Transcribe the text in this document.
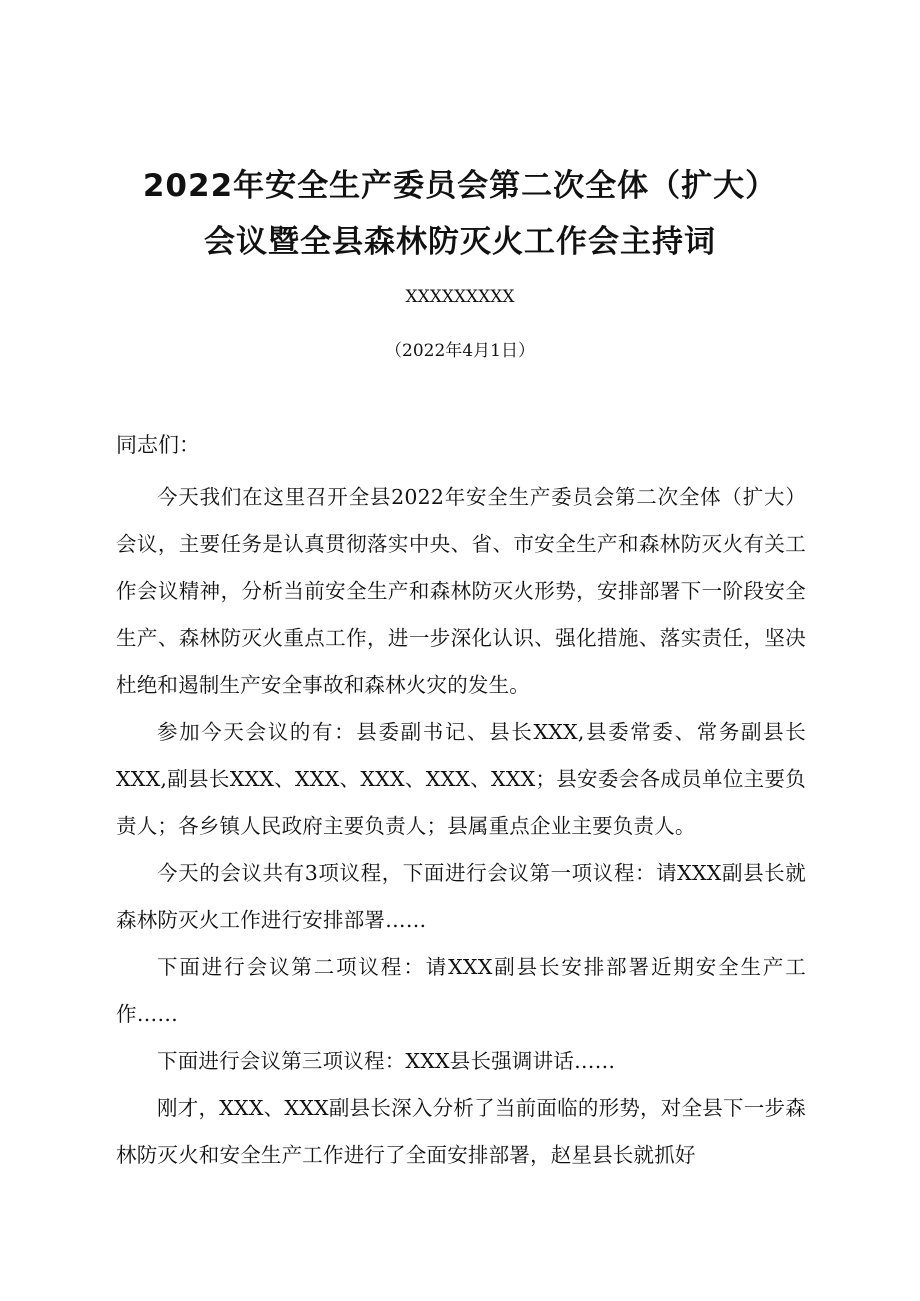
2022年安全生产委员会第二次全体（扩大）
会议暨全县森林防灭火工作会主持词
XXXXXXXXX
（2022年4月1日）

同志们：

今天我们在这里召开全县2022年安全生产委员会第二次全体（扩大）会议，主要任务是认真贯彻落实中央、省、市安全生产和森林防灭火有关工作会议精神，分析当前安全生产和森林防灭火形势，安排部署下一阶段安全生产、森林防灭火重点工作，进一步深化认识、强化措施、落实责任，坚决杜绝和遏制生产安全事故和森林火灾的发生。

参加今天会议的有：县委副书记、县长XXX,县委常委、常务副县长XXX,副县长XXX、XXX、XXX、XXX、XXX；县安委会各成员单位主要负责人；各乡镇人民政府主要负责人；县属重点企业主要负责人。

今天的会议共有3项议程，下面进行会议第一项议程：请XXX副县长就森林防灭火工作进行安排部署……

下面进行会议第二项议程：请XXX副县长安排部署近期安全生产工作……

下面进行会议第三项议程：XXX县长强调讲话……

刚才，XXX、XXX副县长深入分析了当前面临的形势，对全县下一步森林防灭火和安全生产工作进行了全面安排部署，赵星县长就抓好
